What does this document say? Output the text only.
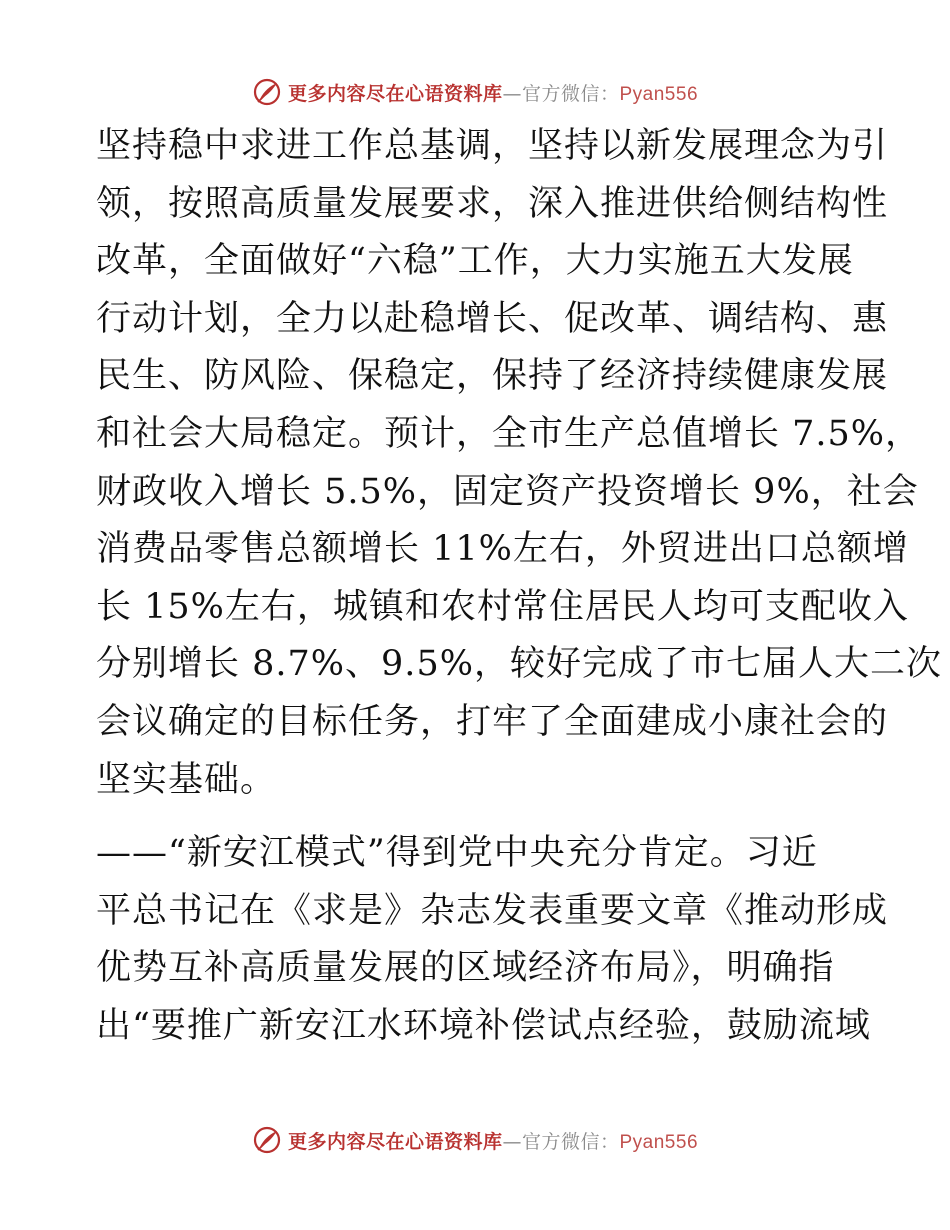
更多内容尽在心语资料库—官方微信：Pyan556
坚持稳中求进工作总基调，坚持以新发展理念为引
领，按照高质量发展要求，深入推进供给侧结构性
改革，全面做好“六稳”工作，大力实施五大发展
行动计划，全力以赴稳增长、促改革、调结构、惠
民生、防风险、保稳定，保持了经济持续健康发展
和社会大局稳定。预计，全市生产总值增长 7.5%，
财政收入增长 5.5%，固定资产投资增长 9%，社会
消费品零售总额增长 11%左右，外贸进出口总额增
长 15%左右，城镇和农村常住居民人均可支配收入
分别增长 8.7%、9.5%，较好完成了市七届人大二次
会议确定的目标任务，打牢了全面建成小康社会的
坚实基础。
——“新安江模式”得到党中央充分肯定。习近
平总书记在《求是》杂志发表重要文章《推动形成
优势互补高质量发展的区域经济布局》，明确指
出“要推广新安江水环境补偿试点经验，鼓励流域
更多内容尽在心语资料库—官方微信：Pyan556
